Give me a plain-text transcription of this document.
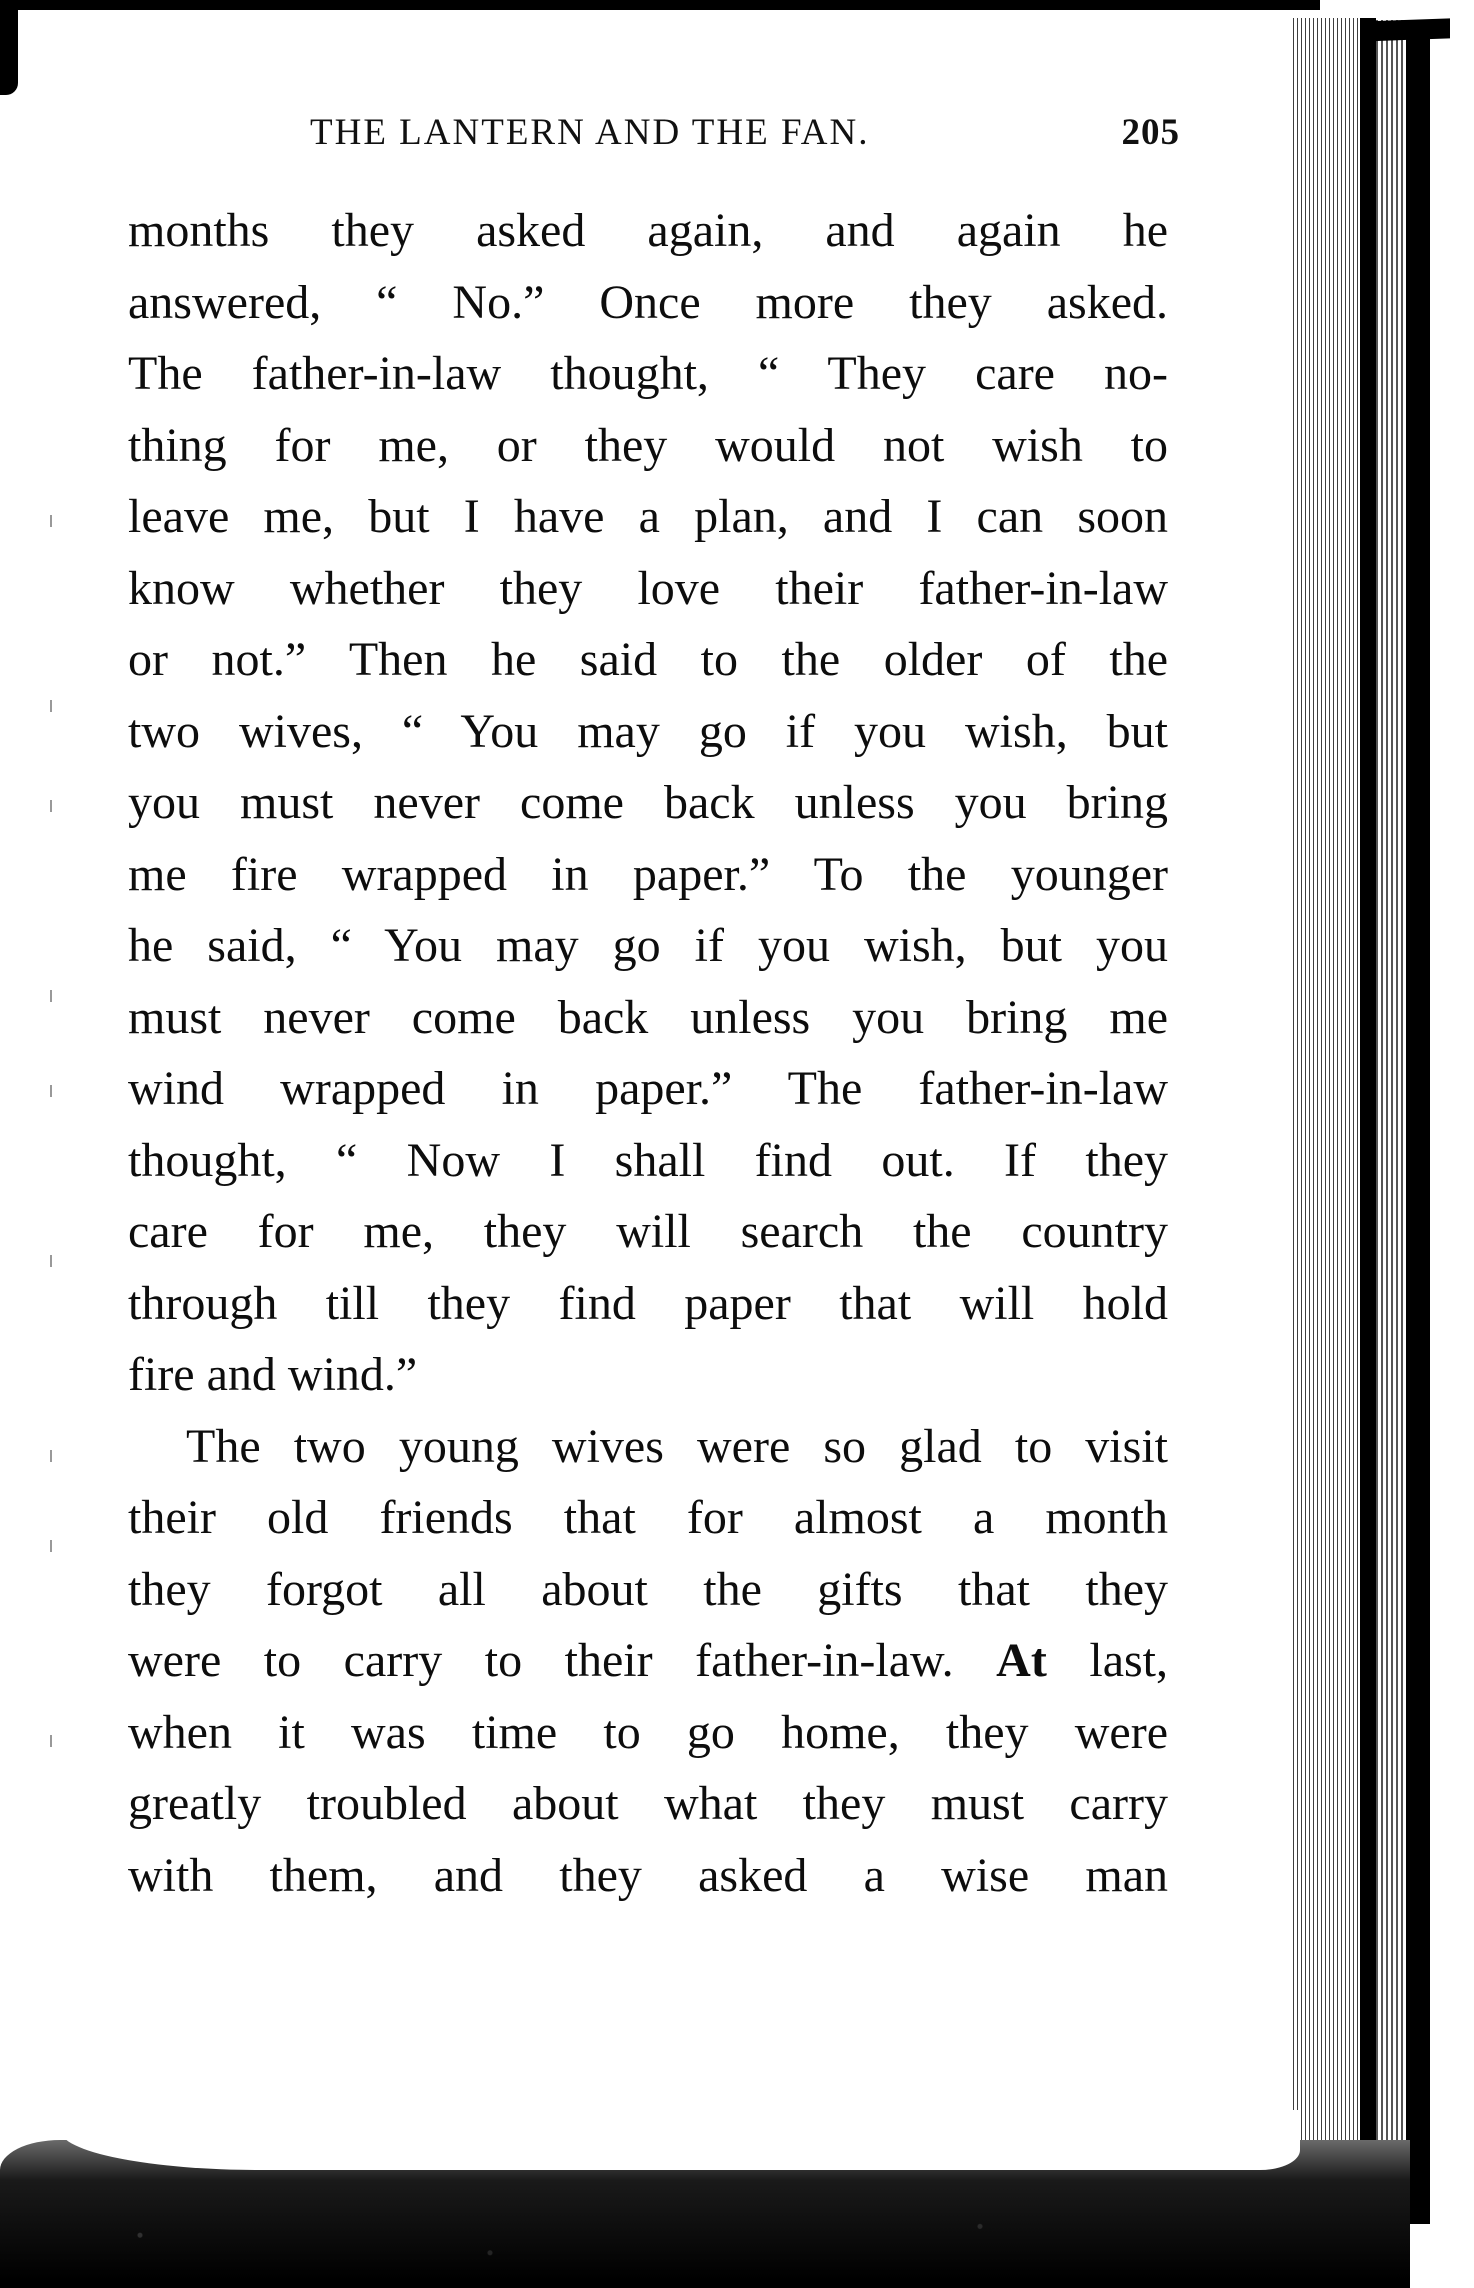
THE LANTERN AND THE FAN.	205
months they asked again, and again he
answered, “ No.” Once more they asked.
The father-in-law thought, “ They care no-
thing for me, or they would not wish to
leave me, but I have a plan, and I can soon
know whether they love their father-in-law
or not.” Then he said to the older of the
two wives, “ You may go if you wish, but
you must never come back unless you bring
me fire wrapped in paper.” To the younger
he said, “ You may go if you wish, but you
must never come back unless you bring me
wind wrapped in paper.” The father-in-law
thought, “ Now I shall find out. If they
care for me, they will search the country
through till they find paper that will hold
fire and wind.”
The two young wives were so glad to visit
their old friends that for almost a month
they forgot all about the gifts that they
were to carry to their father-in-law. At last,
when it was time to go home, they were
greatly troubled about what they must carry
with them, and they asked a wise man
